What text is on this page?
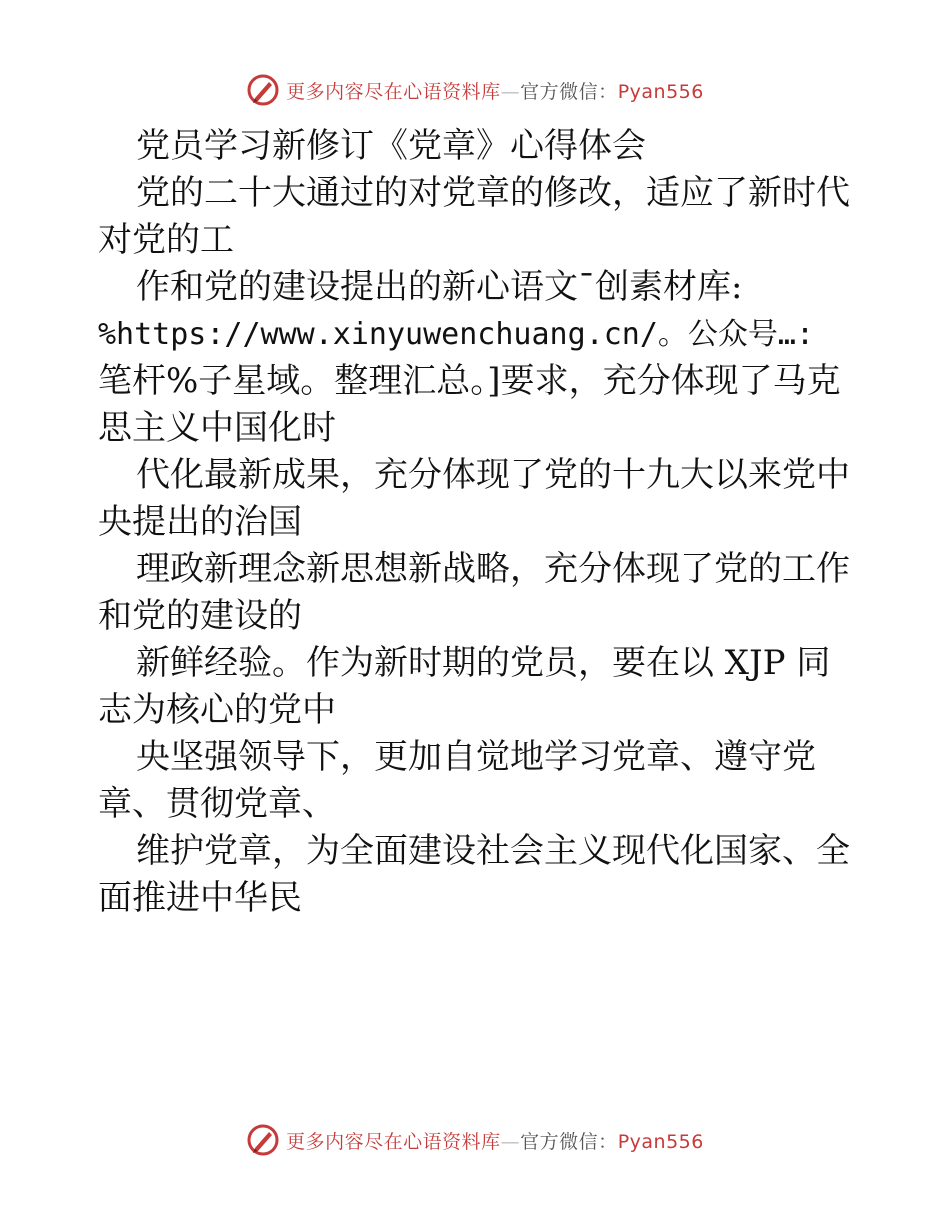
更多内容尽在心语资料库—官方微信：Pyan556
党员学习新修订《党章》心得体会
党的二十大通过的对党章的修改，适应了新时代
对党的工
作和党的建设提出的新心语文¯创素材库:
%https://www.xinyuwenchuang.cn/。公众号…:
笔杆%子星域。整理汇总。]要求，充分体现了马克
思主义中国化时
代化最新成果，充分体现了党的十九大以来党中
央提出的治国
理政新理念新思想新战略，充分体现了党的工作
和党的建设的
新鲜经验。作为新时期的党员，要在以 XJP 同
志为核心的党中
央坚强领导下，更加自觉地学习党章、遵守党
章、贯彻党章、
维护党章，为全面建设社会主义现代化国家、全
面推进中华民
更多内容尽在心语资料库—官方微信：Pyan556
